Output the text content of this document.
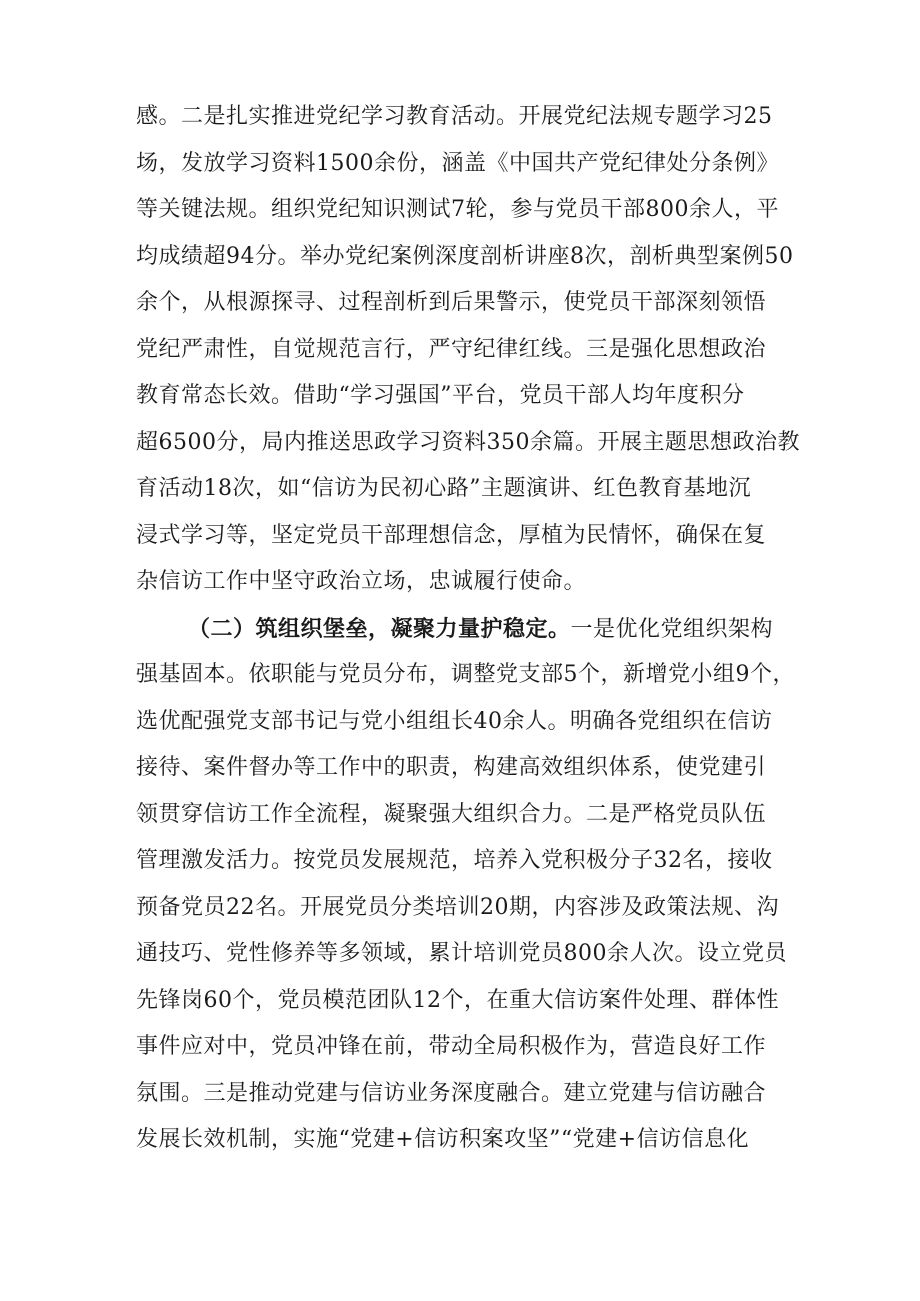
感。二是扎实推进党纪学习教育活动。开展党纪法规专题学习25
场，发放学习资料1500余份，涵盖《中国共产党纪律处分条例》
等关键法规。组织党纪知识测试7轮，参与党员干部800余人，平
均成绩超94分。举办党纪案例深度剖析讲座8次，剖析典型案例50
余个，从根源探寻、过程剖析到后果警示，使党员干部深刻领悟
党纪严肃性，自觉规范言行，严守纪律红线。三是强化思想政治
教育常态长效。借助“学习强国”平台，党员干部人均年度积分
超6500分，局内推送思政学习资料350余篇。开展主题思想政治教
育活动18次，如“信访为民初心路”主题演讲、红色教育基地沉
浸式学习等，坚定党员干部理想信念，厚植为民情怀，确保在复
杂信访工作中坚守政治立场，忠诚履行使命。
（二）筑组织堡垒，凝聚力量护稳定。一是优化党组织架构
强基固本。依职能与党员分布，调整党支部5个，新增党小组9个，
选优配强党支部书记与党小组组长40余人。明确各党组织在信访
接待、案件督办等工作中的职责，构建高效组织体系，使党建引
领贯穿信访工作全流程，凝聚强大组织合力。二是严格党员队伍
管理激发活力。按党员发展规范，培养入党积极分子32名，接收
预备党员22名。开展党员分类培训20期，内容涉及政策法规、沟
通技巧、党性修养等多领域，累计培训党员800余人次。设立党员
先锋岗60个，党员模范团队12个，在重大信访案件处理、群体性
事件应对中，党员冲锋在前，带动全局积极作为，营造良好工作
氛围。三是推动党建与信访业务深度融合。建立党建与信访融合
发展长效机制，实施“党建+信访积案攻坚”“党建+信访信息化
